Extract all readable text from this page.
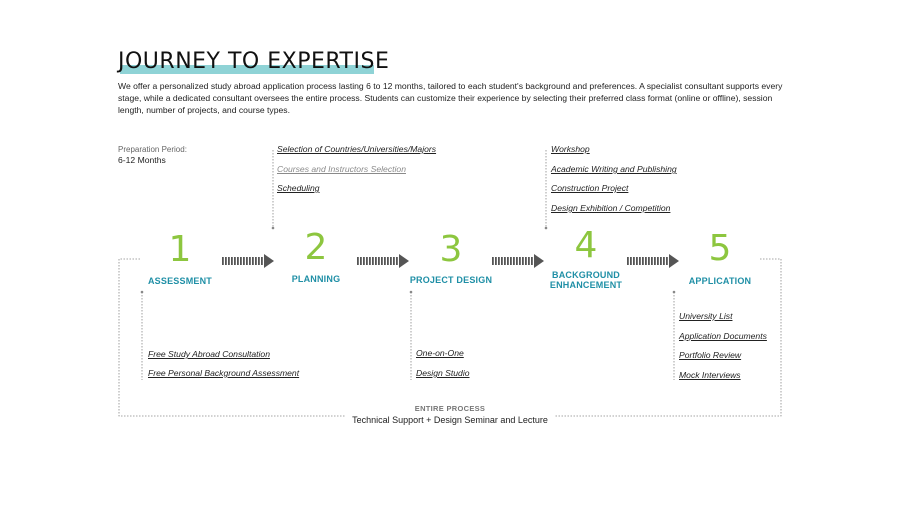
JOURNEY TO EXPERTISE
We offer a personalized study abroad application process lasting 6 to 12 months, tailored to each student's background and preferences. A specialist consultant supports every stage, while a dedicated consultant oversees the entire process. Students can customize their experience by selecting their preferred class format (online or offline), session length, number of projects, and course types.
Preparation Period:
6-12 Months
1
ASSESSMENT
Free Study Abroad Consultation
Free Personal Background Assessment
2
PLANNING
Selection of Countries/Universities/Majors
Courses and Instructors Selection
Scheduling
3
PROJECT DESIGN
One-on-One
Design Studio
4
BACKGROUND ENHANCEMENT
Workshop
Academic Writing and Publishing
Construction Project
Design Exhibition / Competition
5
APPLICATION
University List
Application Documents
Portfolio Review
Mock Interviews
ENTIRE PROCESS
Technical Support + Design Seminar and Lecture
